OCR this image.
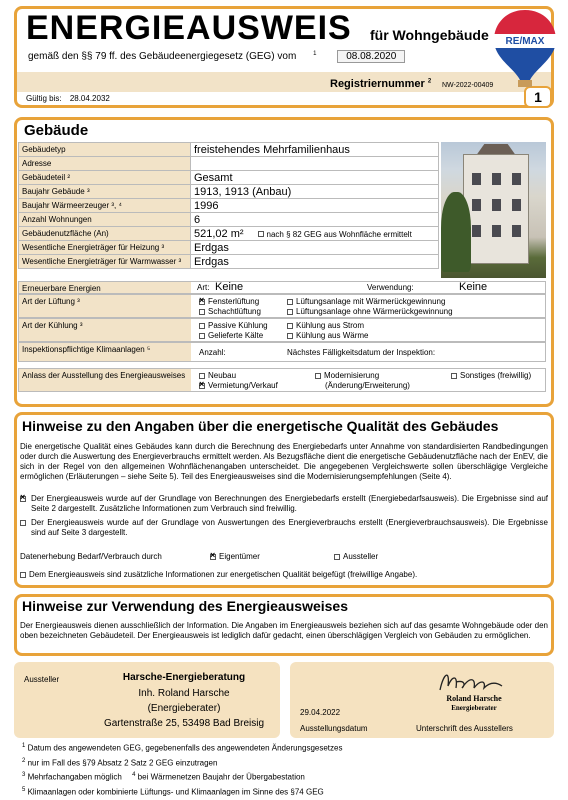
ENERGIEAUSWEIS für Wohngebäude
gemäß den §§ 79 ff. des Gebäudeenergiegesetz (GEG) vom	$^1$	08.08.2020
Registriernummer $^2$
NW-2022-00409
Gültig bis: 28.04.2032	1
RE/MAX
Gebäude
Gebäudetyp	freistehendes Mehrfamilienhaus
Adresse	
Gebäudeteil ²	Gesamt
Baujahr Gebäude ³	1913, 1913 (Anbau)
Baujahr Wärmeerzeuger ³, ⁴	1996
Anzahl Wohnungen	6
Gebäudenutzfläche (An)	521,02 m² nach § 82 GEG aus Wohnfläche ermittelt
Wesentliche Energieträger für Heizung ³	Erdgas
Wesentliche Energieträger für Warmwasser ³	Erdgas
Erneuerbare Energien	Art: Keine	Verwendung:	Keine
Art der Lüftung ³ ×	Fensterlüftung
Schachtlüftung
Lüftungsanlage mit Wärmerückgewinnung
Lüftungsanlage ohne Wärmerückgewinnung
Art der Kühlung ³	Passive Kühlung
Gelieferte Kälte
Kühlung aus Strom
Kühlung aus Wärme
Inspektionspflichtige Klimaanlagen ⁵	Anzahl:	Nächstes Fälligkeitsdatum der Inspektion:
Anlass der Ausstellung des Energieausweises	Neubau
×Vermietung/Verkauf
Modernisierung
(Änderung/Erweiterung)
Sonstiges (freiwillig)
Hinweise zu den Angaben über die energetische Qualität des Gebäudes
Die energetische Qualität eines Gebäudes kann durch die Berechnung des Energiebedarfs unter Annahme von standardisierten Randbedingungen oder durch die Auswertung des Energieverbrauchs ermittelt werden. Als Bezugsfläche dient die energetische Gebäudenutzfläche nach der EnEV, die sich in der Regel von den allgemeinen Wohnflächenangaben unterscheidet. Die angegebenen Vergleichswerte sollen überschlägige Vergleiche ermöglichen (Erläuterungen – siehe Seite 5). Teil des Energieausweises sind die Modernisierungsempfehlungen (Seite 4).
×
Der Energieausweis wurde auf der Grundlage von Berechnungen des Energiebedarfs erstellt (Energiebedarfsausweis). Die Ergebnisse sind auf Seite 2 dargestellt. Zusätzliche Informationen zum Verbrauch sind freiwillig.
Der Energieausweis wurde auf der Grundlage von Auswertungen des Energieverbrauchs erstellt (Energieverbrauchsausweis). Die Ergebnisse sind auf Seite 3 dargestellt.
Datenerhebung Bedarf/Verbrauch durch ×	Eigentümer	Aussteller
Dem Energieausweis sind zusätzliche Informationen zur energetischen Qualität beigefügt (freiwillige Angabe).
Hinweise zur Verwendung des Energieausweises
Der Energieausweis dienen ausschließlich der Information. Die Angaben im Energieausweis beziehen sich auf das gesamte Wohngebäude oder den oben bezeichneten Gebäudeteil. Der Energieausweis ist lediglich dafür gedacht, einen überschlägigen Vergleich von Gebäuden zu ermöglichen.
Aussteller	Harsche-Energieberatung
Inh. Roland Harsche
(Energieberater)
Gartenstraße 25, 53498 Bad Breisig
29.04.2022
Ausstellungsdatum
Roland Harsche
Energieberater
Unterschrift des Ausstellers
$^1$ Datum des angewendeten GEG, gegebenenfalls des angewendeten Änderungsgesetzes
$^2$ nur im Fall des §79 Absatz 2 Satz 2 GEG einzutragen
$^3$ Mehrfachangaben möglich $^4$ bei Wärmenetzen Baujahr der Übergabestation
$^5$ Klimaanlagen oder kombinierte Lüftungs- und Klimaanlagen im Sinne des §74 GEG
